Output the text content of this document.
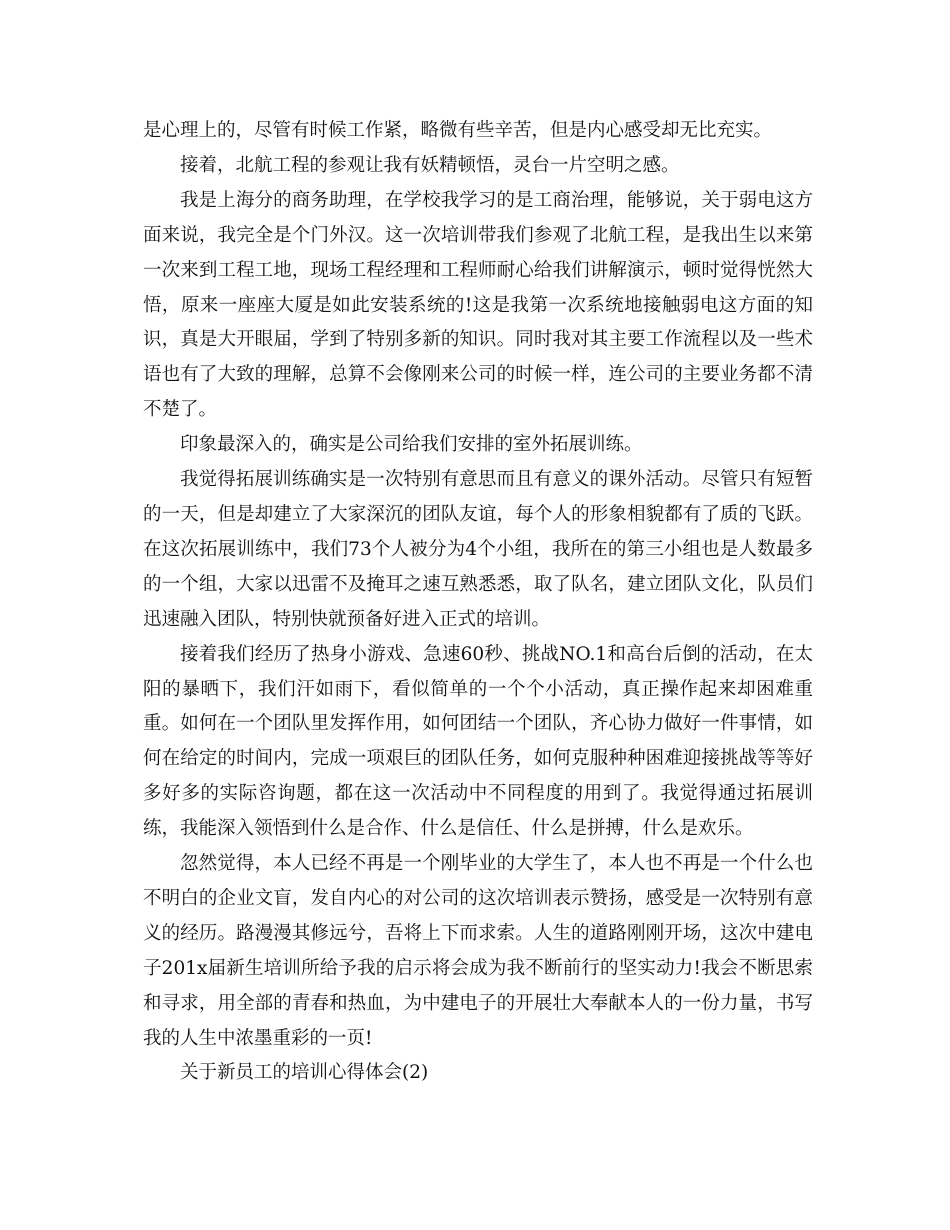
是心理上的，尽管有时候工作紧，略微有些辛苦，但是内心感受却无比充实。

接着，北航工程的参观让我有妖精顿悟，灵台一片空明之感。

我是上海分的商务助理，在学校我学习的是工商治理，能够说，关于弱电这方面来说，我完全是个门外汉。这一次培训带我们参观了北航工程，是我出生以来第一次来到工程工地，现场工程经理和工程师耐心给我们讲解演示，顿时觉得恍然大悟，原来一座座大厦是如此安装系统的!这是我第一次系统地接触弱电这方面的知识，真是大开眼届，学到了特别多新的知识。同时我对其主要工作流程以及一些术语也有了大致的理解，总算不会像刚来公司的时候一样，连公司的主要业务都不清不楚了。

印象最深入的，确实是公司给我们安排的室外拓展训练。

我觉得拓展训练确实是一次特别有意思而且有意义的课外活动。尽管只有短暂的一天，但是却建立了大家深沉的团队友谊，每个人的形象相貌都有了质的飞跃。在这次拓展训练中，我们73个人被分为4个小组，我所在的第三小组也是人数最多的一个组，大家以迅雷不及掩耳之速互熟悉悉，取了队名，建立团队文化，队员们迅速融入团队，特别快就预备好进入正式的培训。

接着我们经历了热身小游戏、急速60秒、挑战NO.1和高台后倒的活动，在太阳的暴晒下，我们汗如雨下，看似简单的一个个小活动，真正操作起来却困难重重。如何在一个团队里发挥作用，如何团结一个团队，齐心协力做好一件事情，如何在给定的时间内，完成一项艰巨的团队任务，如何克服种种困难迎接挑战等等好多好多的实际咨询题，都在这一次活动中不同程度的用到了。我觉得通过拓展训练，我能深入领悟到什么是合作、什么是信任、什么是拼搏，什么是欢乐。

忽然觉得，本人已经不再是一个刚毕业的大学生了，本人也不再是一个什么也不明白的企业文盲，发自内心的对公司的这次培训表示赞扬，感受是一次特别有意义的经历。路漫漫其修远兮，吾将上下而求索。人生的道路刚刚开场，这次中建电子201x届新生培训所给予我的启示将会成为我不断前行的坚实动力!我会不断思索和寻求，用全部的青春和热血，为中建电子的开展壮大奉献本人的一份力量，书写我的人生中浓墨重彩的一页!

关于新员工的培训心得体会(2)
